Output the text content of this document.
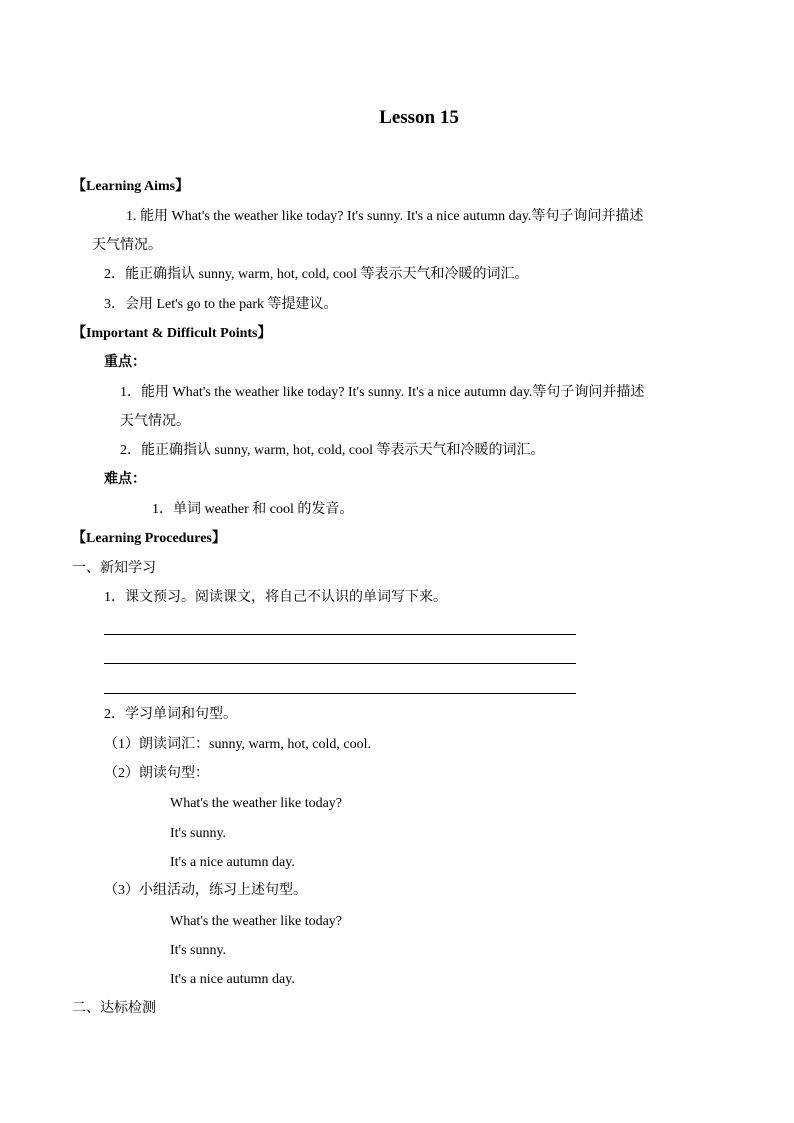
Lesson 15
【Learning Aims】
1. 能用 What's the weather like today? It's sunny. It's a nice autumn day.等句子询问并描述
天气情况。
2．能正确指认 sunny, warm, hot, cold, cool 等表示天气和冷暖的词汇。
3．会用 Let's go to the park 等提建议。
【Important & Difficult Points】
重点：
1．能用 What's the weather like today? It's sunny. It's a nice autumn day.等句子询问并描述
天气情况。
2．能正确指认 sunny, warm, hot, cold, cool 等表示天气和冷暖的词汇。
难点：
1．单词 weather 和 cool 的发音。
【Learning Procedures】
一、新知学习
1．课文预习。阅读课文，将自己不认识的单词写下来。
2．学习单词和句型。
（1）朗读词汇：sunny, warm, hot, cold, cool.
（2）朗读句型：
What's the weather like today?
It's sunny.
It's a nice autumn day.
（3）小组活动，练习上述句型。
What's the weather like today?
It's sunny.
It's a nice autumn day.
二、达标检测
